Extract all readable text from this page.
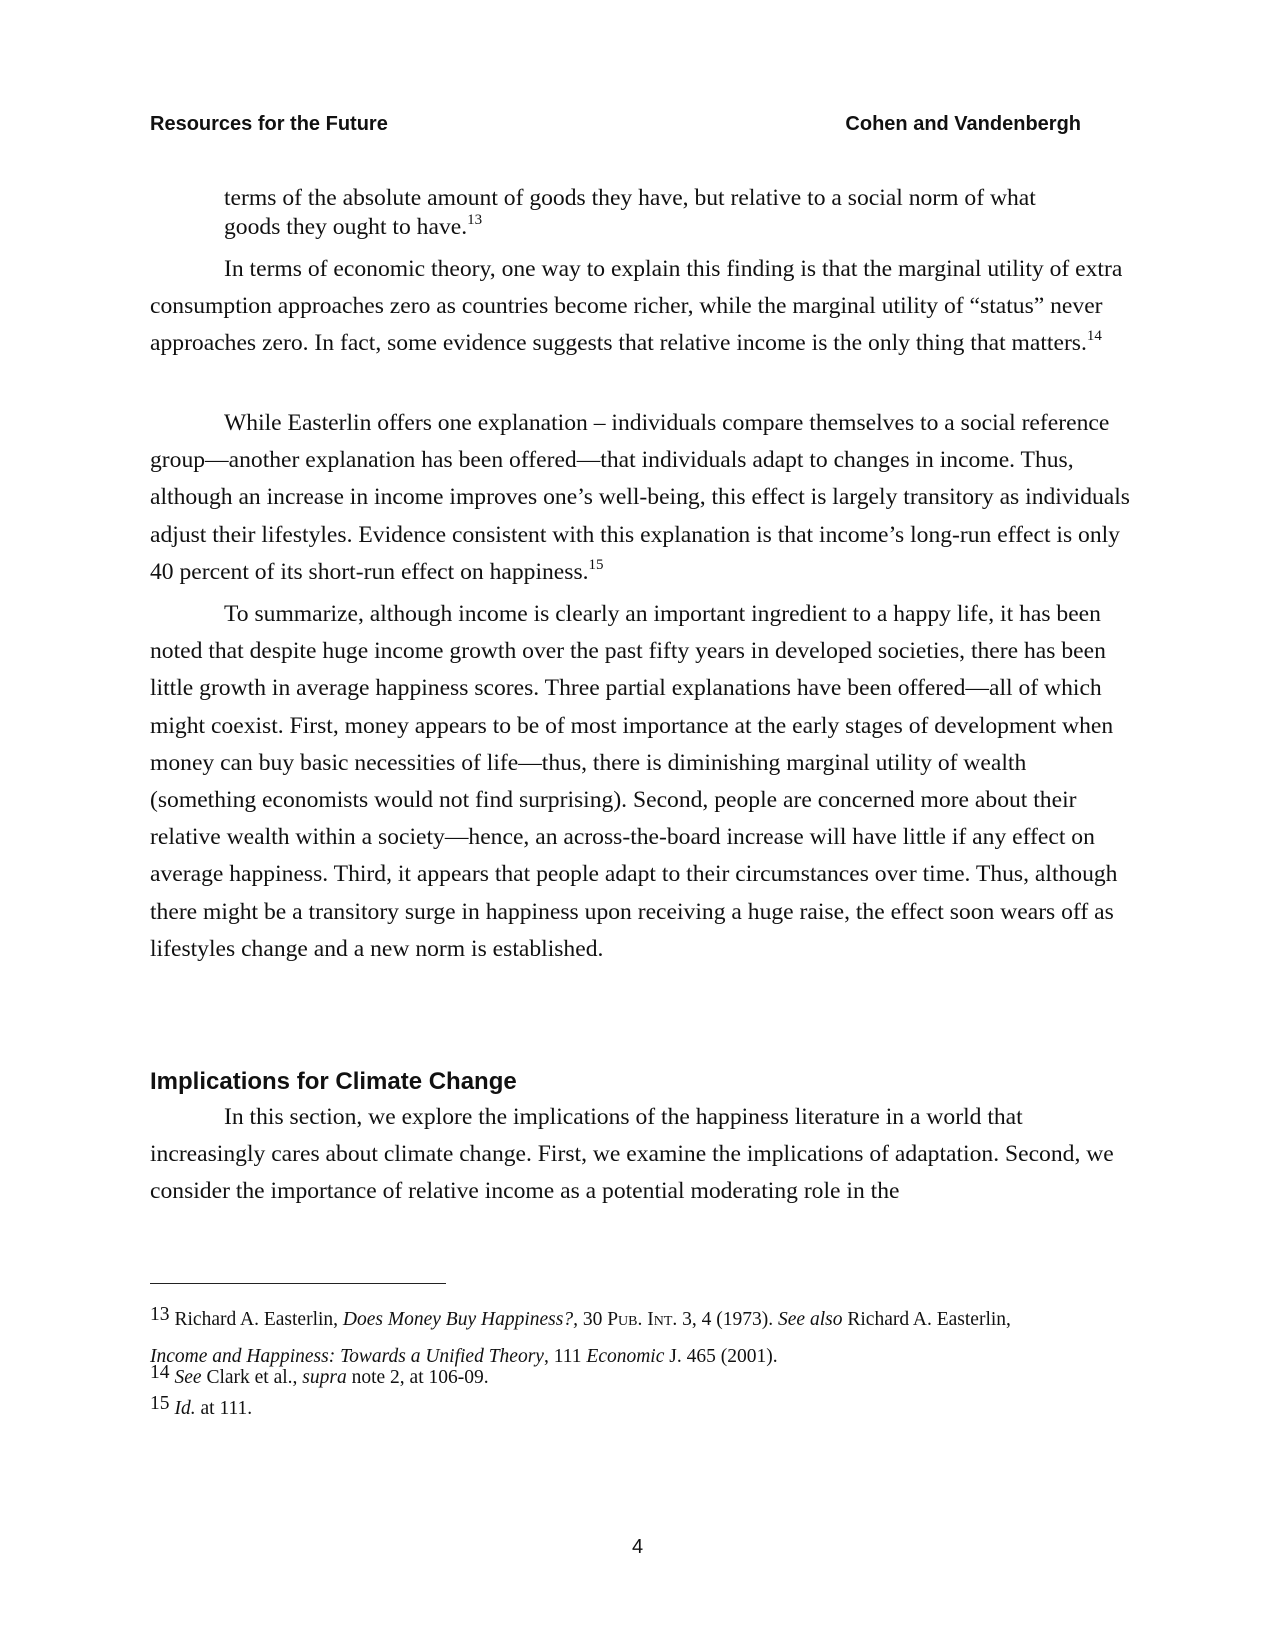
Resources for the Future	Cohen and Vandenbergh

terms of the absolute amount of goods they have, but relative to a social norm of what goods they ought to have.$^{13}$

In terms of economic theory, one way to explain this finding is that the marginal utility of extra consumption approaches zero as countries become richer, while the marginal utility of “status” never approaches zero. In fact, some evidence suggests that relative income is the only thing that matters.$^{14}$

While Easterlin offers one explanation – individuals compare themselves to a social reference group—another explanation has been offered—that individuals adapt to changes in income. Thus, although an increase in income improves one’s well-being, this effect is largely transitory as individuals adjust their lifestyles. Evidence consistent with this explanation is that income’s long-run effect is only 40 percent of its short-run effect on happiness.$^{15}$

To summarize, although income is clearly an important ingredient to a happy life, it has been noted that despite huge income growth over the past fifty years in developed societies, there has been little growth in average happiness scores. Three partial explanations have been offered—all of which might coexist. First, money appears to be of most importance at the early stages of development when money can buy basic necessities of life—thus, there is diminishing marginal utility of wealth (something economists would not find surprising). Second, people are concerned more about their relative wealth within a society—hence, an across-the-board increase will have little if any effect on average happiness. Third, it appears that people adapt to their circumstances over time. Thus, although there might be a transitory surge in happiness upon receiving a huge raise, the effect soon wears off as lifestyles change and a new norm is established.

Implications for Climate Change

In this section, we explore the implications of the happiness literature in a world that increasingly cares about climate change. First, we examine the implications of adaptation. Second, we consider the importance of relative income as a potential moderating role in the

13 Richard A. Easterlin, Does Money Buy Happiness?, 30 Pub. Int. 3, 4 (1973). See also Richard A. Easterlin,
Income and Happiness: Towards a Unified Theory, 111 Economic J. 465 (2001).

14 See Clark et al., supra note 2, at 106-09.

15 Id. at 111.

4
